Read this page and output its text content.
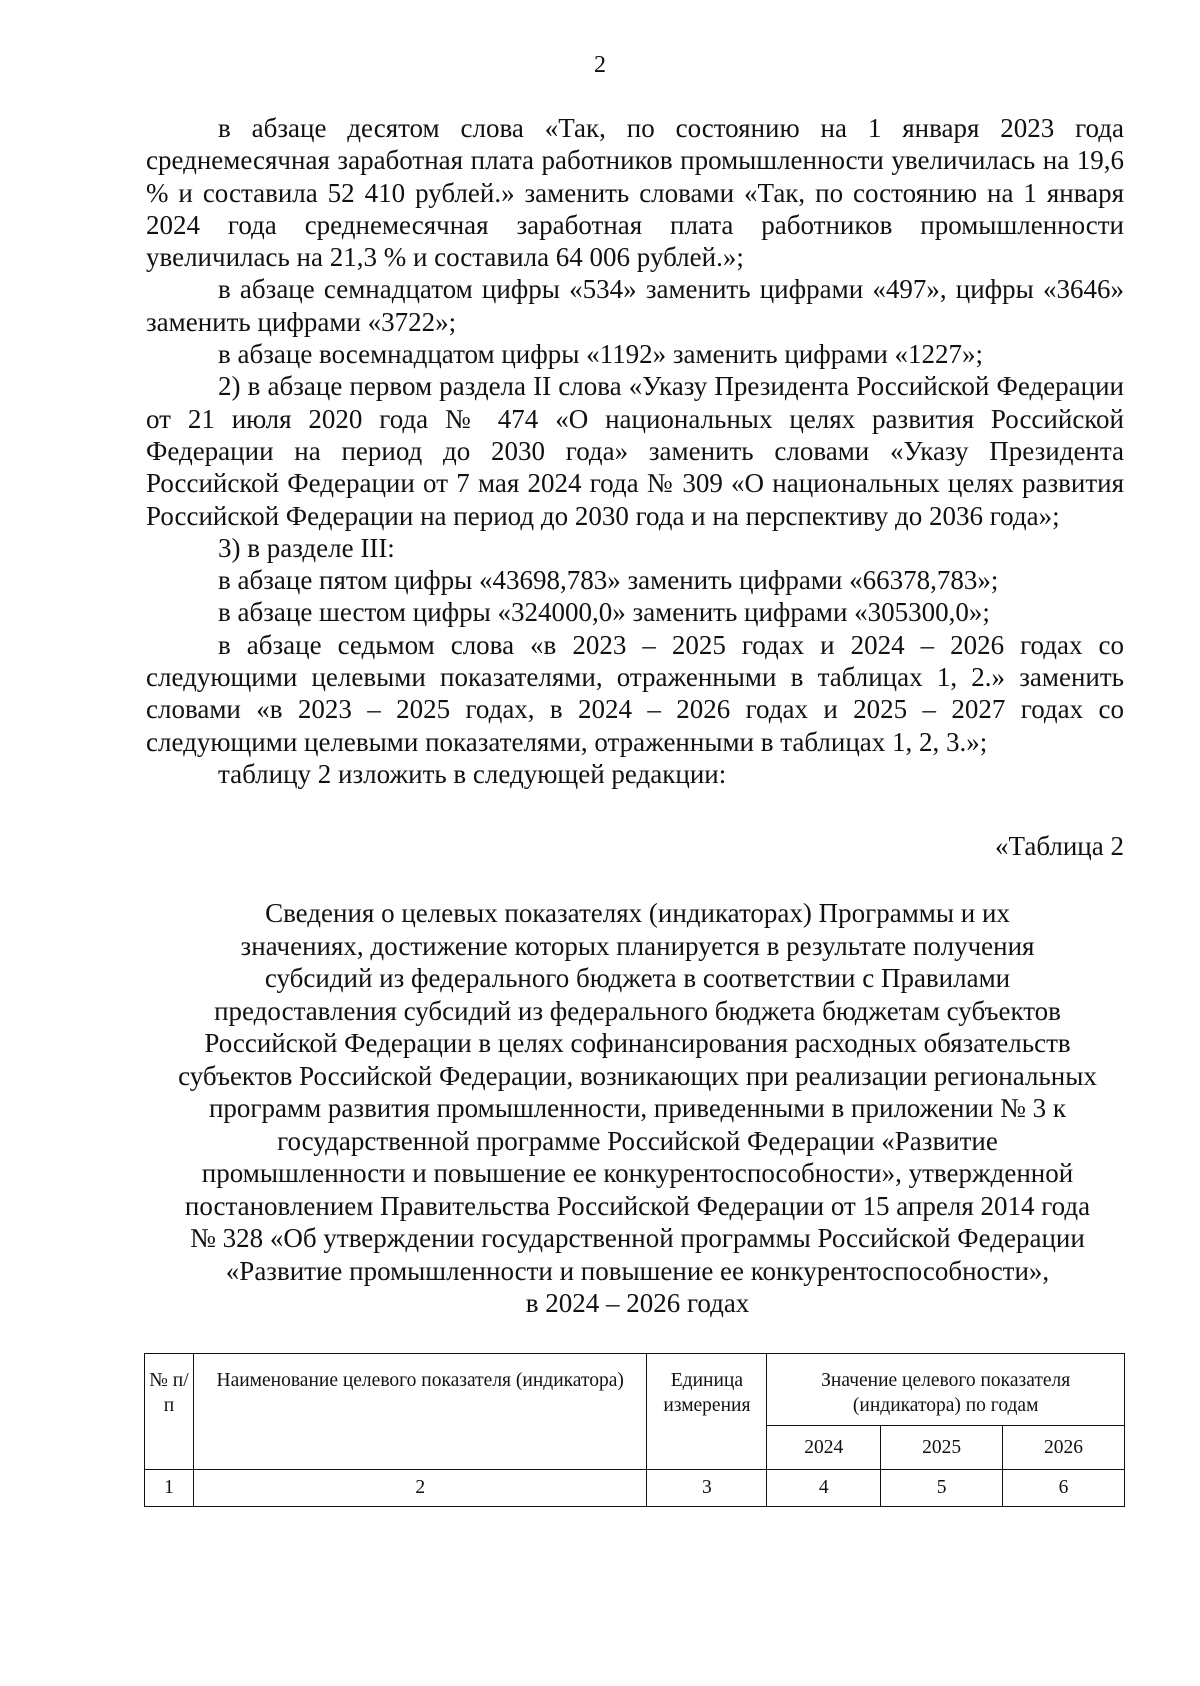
2

в абзаце десятом слова «Так, по состоянию на 1 января 2023 года среднемесячная заработная плата работников промышленности увеличилась на 19,6 % и составила 52 410 рублей.» заменить словами «Так, по состоянию на 1 января 2024 года среднемесячная заработная плата работников промышленности увеличилась на 21,3 % и составила 64 006 рублей.»;

в абзаце семнадцатом цифры «534» заменить цифрами «497», цифры «3646» заменить цифрами «3722»;

в абзаце восемнадцатом цифры «1192» заменить цифрами «1227»;

2) в абзаце первом раздела II слова «Указу Президента Российской Федерации от 21 июля 2020 года № 474 «О национальных целях развития Российской Федерации на период до 2030 года» заменить словами «Указу Президента Российской Федерации от 7 мая 2024 года № 309 «О национальных целях развития Российской Федерации на период до 2030 года и на перспективу до 2036 года»;

3) в разделе III:

в абзаце пятом цифры «43698,783» заменить цифрами «66378,783»;

в абзаце шестом цифры «324000,0» заменить цифрами «305300,0»;

в абзаце седьмом слова «в 2023 – 2025 годах и 2024 – 2026 годах со следующими целевыми показателями, отраженными в таблицах 1, 2.» заменить словами «в 2023 – 2025 годах, в 2024 – 2026 годах и 2025 – 2027 годах со следующими целевыми показателями, отраженными в таблицах 1, 2, 3.»;

таблицу 2 изложить в следующей редакции:

«Таблица 2
Сведения о целевых показателях (индикаторах) Программы и их
значениях, достижение которых планируется в результате получения
субсидий из федерального бюджета в соответствии с Правилами
предоставления субсидий из федерального бюджета бюджетам субъектов
Российской Федерации в целях софинансирования расходных обязательств
субъектов Российской Федерации, возникающих при реализации региональных
программ развития промышленности, приведенными в приложении № 3 к
государственной программе Российской Федерации «Развитие
промышленности и повышение ее конкурентоспособности», утвержденной
постановлением Правительства Российской Федерации от 15 апреля 2014 года
№ 328 «Об утверждении государственной программы Российской Федерации
«Развитие промышленности и повышение ее конкурентоспособности»,
в 2024 – 2026 годах
№ п/п	Наименование целевого показателя (индикатора)	Единица измерения	Значение целевого показателя (индикатора) по годам		
			2024	2025	2026
1	2	3	4	5	6
